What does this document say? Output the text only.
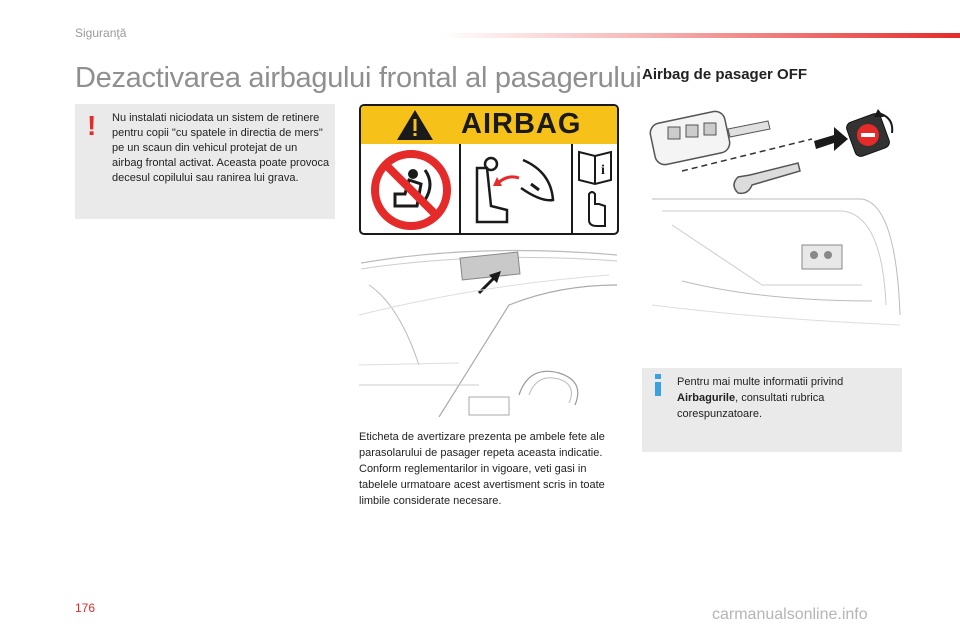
Siguranţă
Dezactivarea airbagului frontal al pasagerului
! Nu instalati niciodata un sistem de retinere pentru copii "cu spatele in directia de mers" pe un scaun din vehicul protejat de un airbag frontal activat. Aceasta poate provoca decesul copilului sau ranirea lui grava.
AIRBAG
i
Eticheta de avertizare prezenta pe ambele fete ale parasolarului de pasager repeta aceasta indicatie.
Conform reglementarilor in vigoare, veti gasi in tabelele urmatoare acest avertisment scris in toate limbile considerate necesare.
Airbag de pasager OFF
Pentru mai multe informatii privind Airbagurile, consultati rubrica corespunzatoare.
176	carmanualsonline.info
